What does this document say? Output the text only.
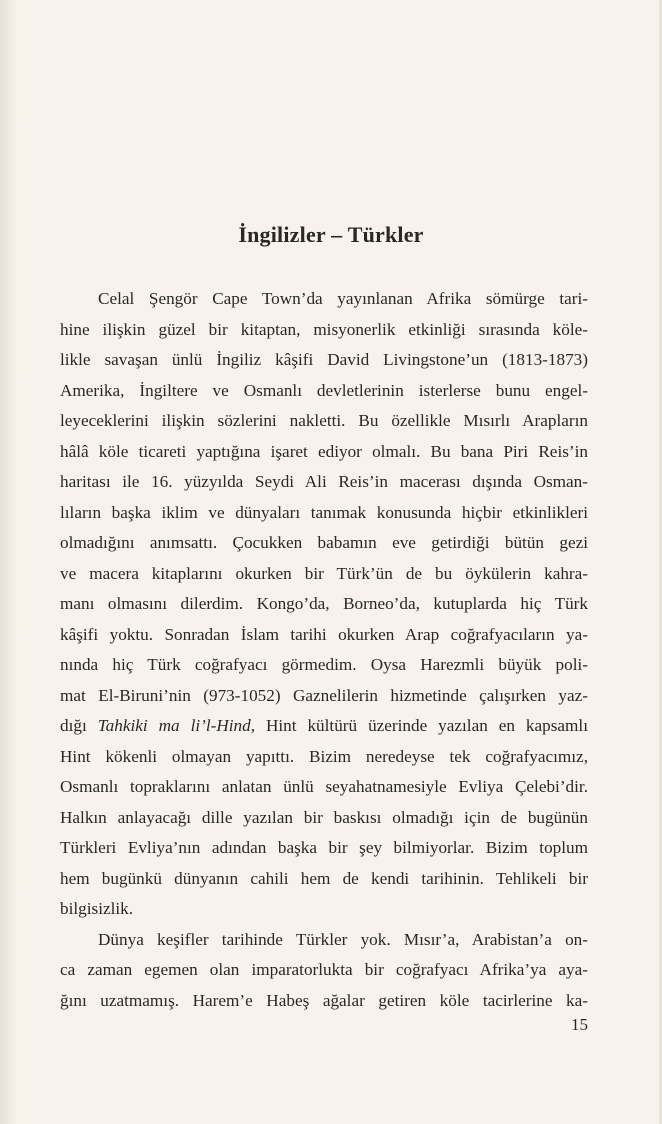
İngilizler – Türkler
Celal Şengör Cape Town’da yayınlanan Afrika sömürge tari-
hine ilişkin güzel bir kitaptan, misyonerlik etkinliği sırasında köle-
likle savaşan ünlü İngiliz kâşifi David Livingstone’un (1813-1873)
Amerika, İngiltere ve Osmanlı devletlerinin isterlerse bunu engel-
leyeceklerini ilişkin sözlerini nakletti. Bu özellikle Mısırlı Arapların
hâlâ köle ticareti yaptığına işaret ediyor olmalı. Bu bana Piri Reis’in
haritası ile 16. yüzyılda Seydi Ali Reis’in macerası dışında Osman-
lıların başka iklim ve dünyaları tanımak konusunda hiçbir etkinlikleri
olmadığını anımsattı. Çocukken babamın eve getirdiği bütün gezi
ve macera kitaplarını okurken bir Türk’ün de bu öykülerin kahra-
manı olmasını dilerdim. Kongo’da, Borneo’da, kutuplarda hiç Türk
kâşifi yoktu. Sonradan İslam tarihi okurken Arap coğrafyacıların ya-
nında hiç Türk coğrafyacı görmedim. Oysa Harezmli büyük poli-
mat El-Biruni’nin (973-1052) Gaznelilerin hizmetinde çalışırken yaz-
dığı Tahkiki ma li’l-Hind, Hint kültürü üzerinde yazılan en kapsamlı
Hint kökenli olmayan yapıttı. Bizim neredeyse tek coğrafyacımız,
Osmanlı topraklarını anlatan ünlü seyahatnamesiyle Evliya Çelebi’dir.
Halkın anlayacağı dille yazılan bir baskısı olmadığı için de bugünün
Türkleri Evliya’nın adından başka bir şey bilmiyorlar. Bizim toplum
hem bugünkü dünyanın cahili hem de kendi tarihinin. Tehlikeli bir
bilgisizlik.
Dünya keşifler tarihinde Türkler yok. Mısır’a, Arabistan’a on-
ca zaman egemen olan imparatorlukta bir coğrafyacı Afrika’ya aya-
ğını uzatmamış. Harem’e Habeş ağalar getiren köle tacirlerine ka-
15
